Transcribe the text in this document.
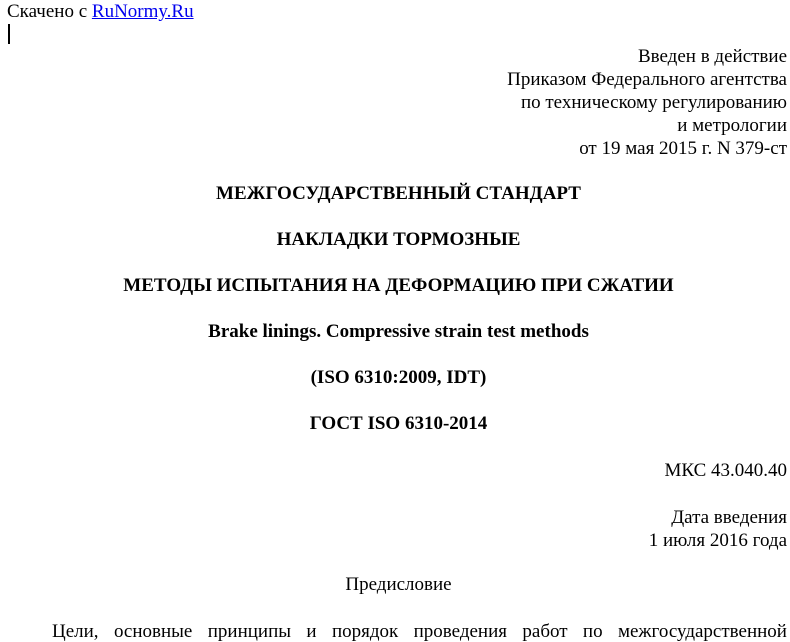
Скачено с RuNormy.Ru
Введен в действие
Приказом Федерального агентства
по техническому регулированию
и метрологии
от 19 мая 2015 г. N 379-ст
МЕЖГОСУДАРСТВЕННЫЙ СТАНДАРТ
НАКЛАДКИ ТОРМОЗНЫЕ
МЕТОДЫ ИСПЫТАНИЯ НА ДЕФОРМАЦИЮ ПРИ СЖАТИИ
Brake linings. Compressive strain test methods
(ISO 6310:2009, IDT)
ГОСТ ISO 6310-2014
МКС 43.040.40
Дата введения
1 июля 2016 года
Предисловие
Цели, основные принципы и порядок проведения работ по межгосударственной
